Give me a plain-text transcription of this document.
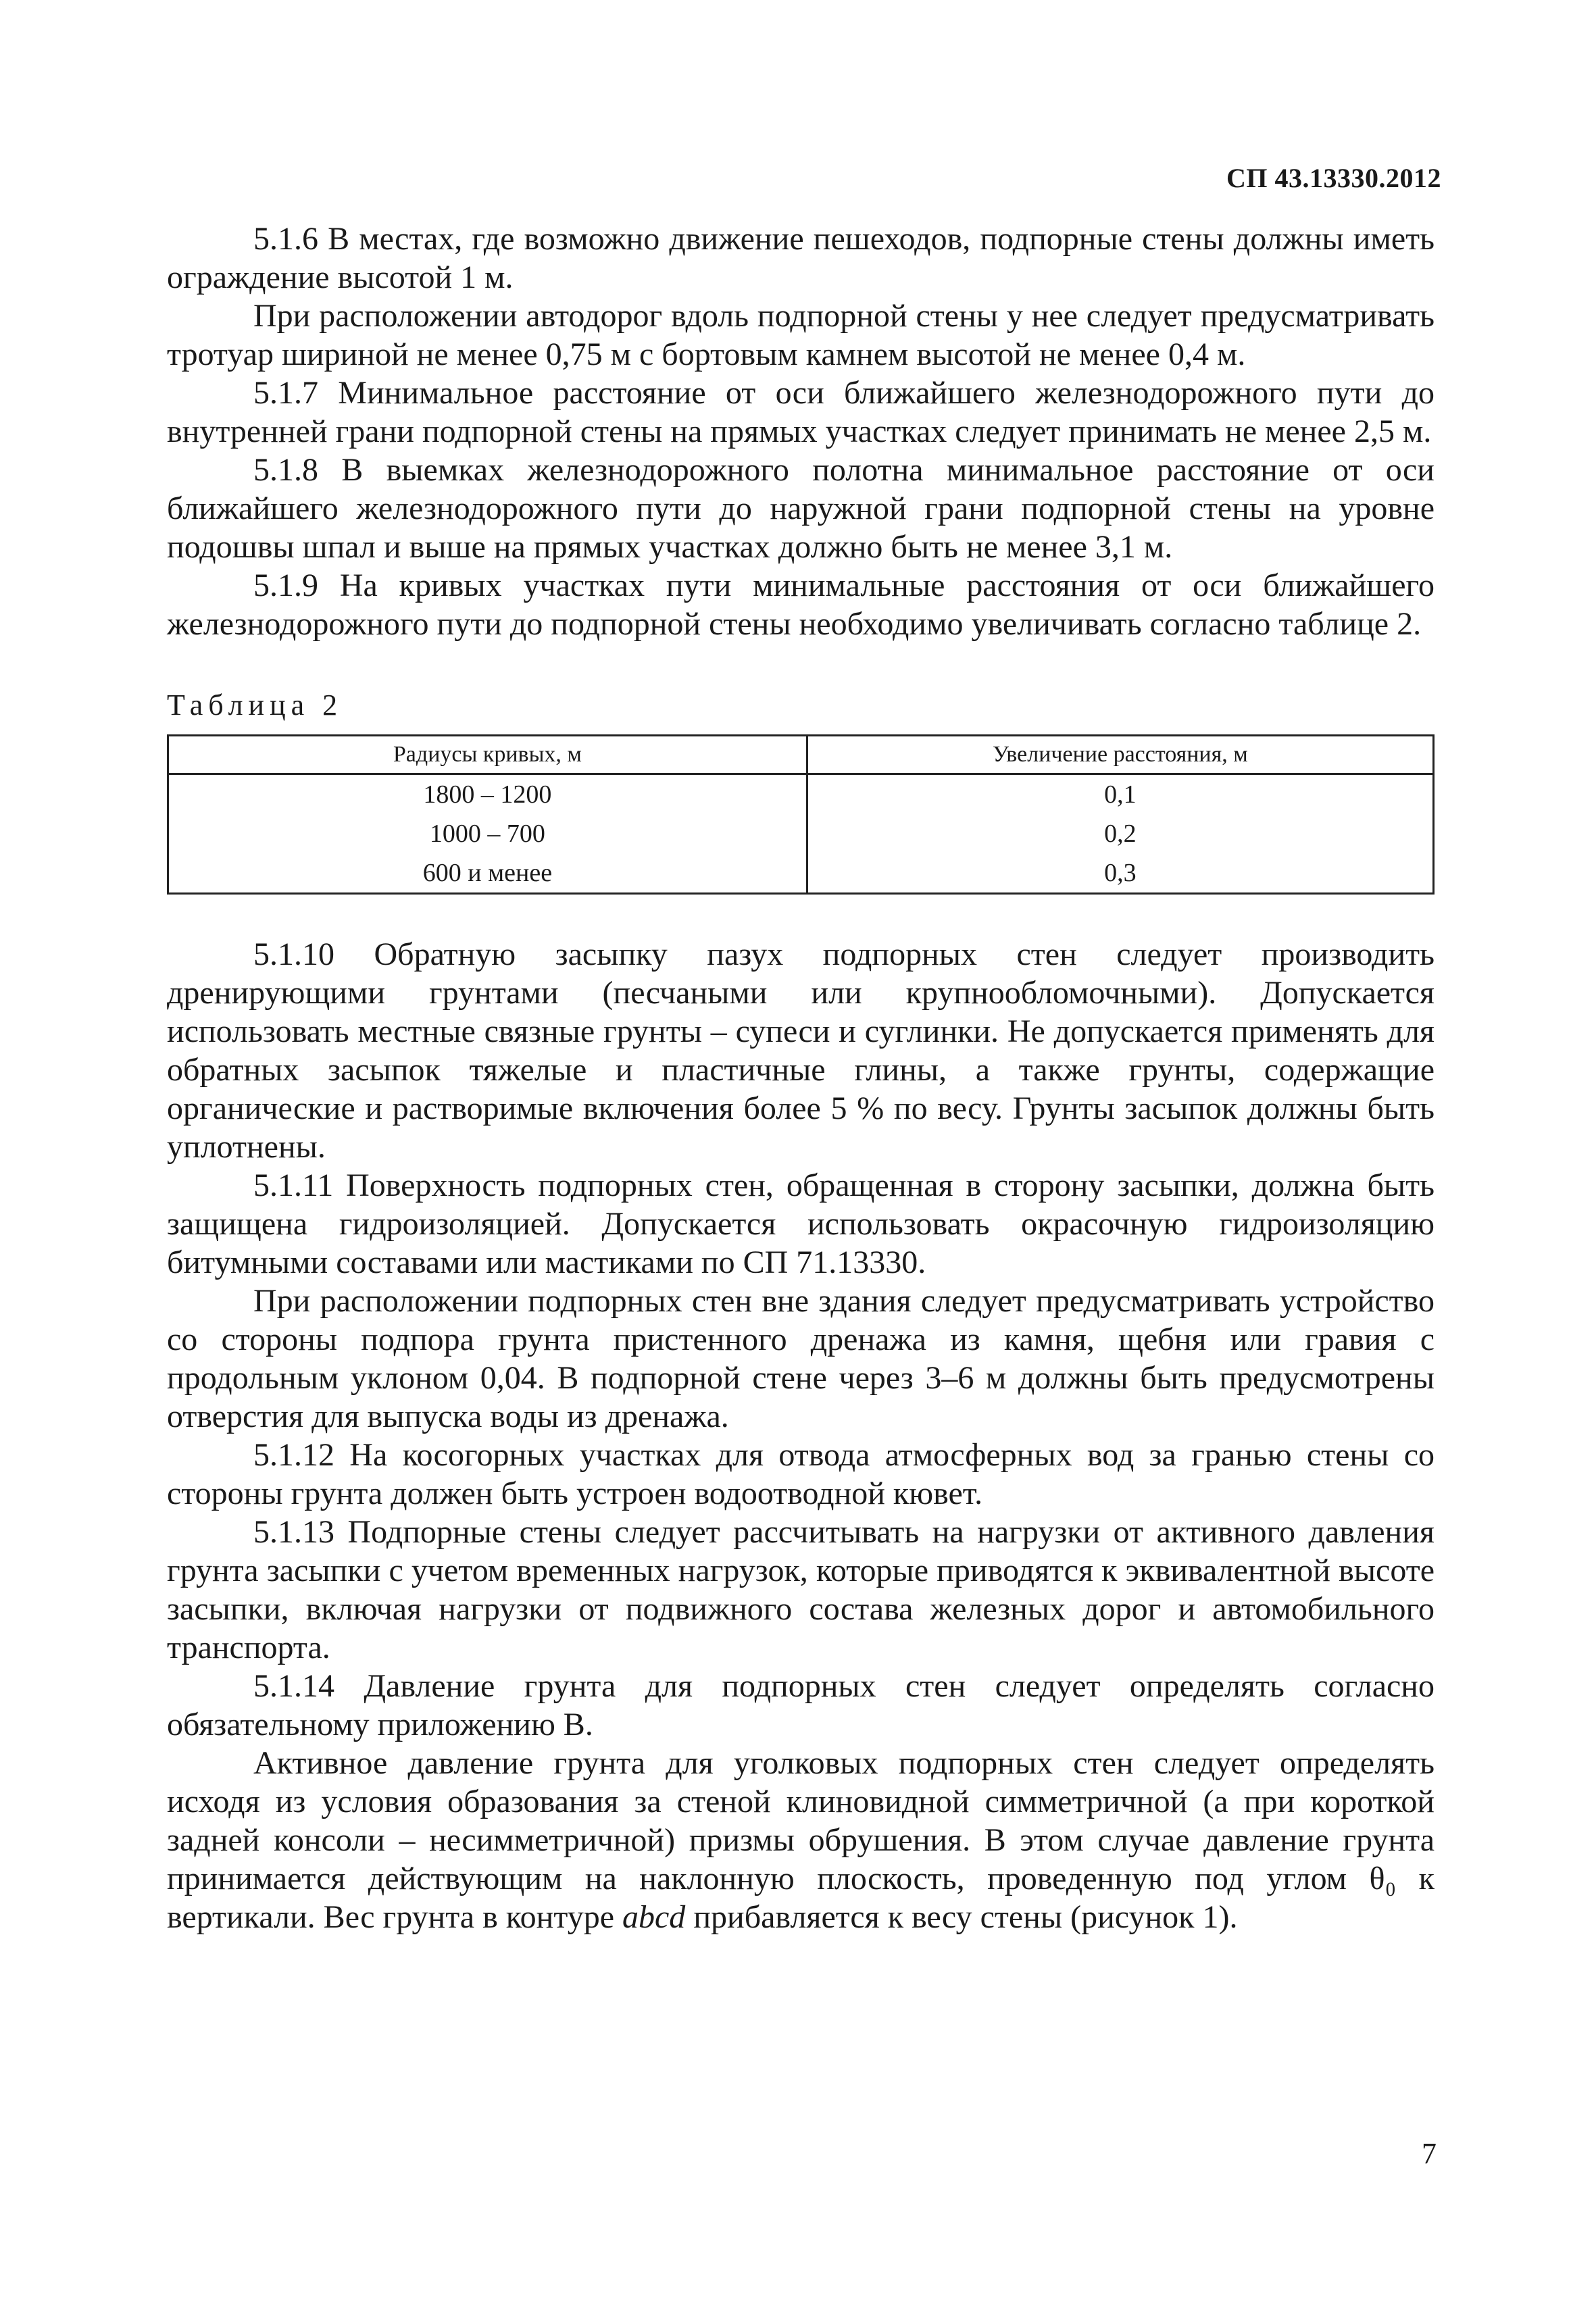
СП 43.13330.2012

5.1.6 В местах, где возможно движение пешеходов, подпорные стены должны иметь ограждение высотой 1 м.

При расположении автодорог вдоль подпорной стены у нее следует предусматривать тротуар шириной не менее 0,75 м с бортовым камнем высотой не менее 0,4 м.

5.1.7 Минимальное расстояние от оси ближайшего железнодорожного пути до внутренней грани подпорной стены на прямых участках следует принимать не менее 2,5 м.

5.1.8 В выемках железнодорожного полотна минимальное расстояние от оси ближайшего железнодорожного пути до наружной грани подпорной стены на уровне подошвы шпал и выше на прямых участках должно быть не менее 3,1 м.

5.1.9 На кривых участках пути минимальные расстояния от оси ближайшего железнодорожного пути до подпорной стены необходимо увеличивать согласно таблице 2.

Таблица 2
Радиусы кривых, м	Увеличение расстояния, м
1800 – 1200	0,1
1000 – 700	0,2
600 и менее	0,3

5.1.10 Обратную засыпку пазух подпорных стен следует производить дренирующими грунтами (песчаными или крупнообломочными). Допускается использовать местные связные грунты – супеси и суглинки. Не допускается применять для обратных засыпок тяжелые и пластичные глины, а также грунты, содержащие органические и растворимые включения более 5 % по весу. Грунты засыпок должны быть уплотнены.

5.1.11 Поверхность подпорных стен, обращенная в сторону засыпки, должна быть защищена гидроизоляцией. Допускается использовать окрасочную гидроизоляцию битумными составами или мастиками по СП 71.13330.

При расположении подпорных стен вне здания следует предусматривать устройство со стороны подпора грунта пристенного дренажа из камня, щебня или гравия с продольным уклоном 0,04. В подпорной стене через 3–6 м должны быть предусмотрены отверстия для выпуска воды из дренажа.

5.1.12 На косогорных участках для отвода атмосферных вод за гранью стены со стороны грунта должен быть устроен водоотводной кювет.

5.1.13 Подпорные стены следует рассчитывать на нагрузки от активного давления грунта засыпки с учетом временных нагрузок, которые приводятся к эквивалентной высоте засыпки, включая нагрузки от подвижного состава железных дорог и автомобильного транспорта.

5.1.14 Давление грунта для подпорных стен следует определять согласно обязательному приложению В.

Активное давление грунта для уголковых подпорных стен следует определять исходя из условия образования за стеной клиновидной симметричной (а при короткой задней консоли – несимметричной) призмы обрушения. В этом случае давление грунта принимается действующим на наклонную плоскость, проведенную под углом θ₀ к вертикали. Вес грунта в контуре abcd прибавляется к весу стены (рисунок 1).

7
